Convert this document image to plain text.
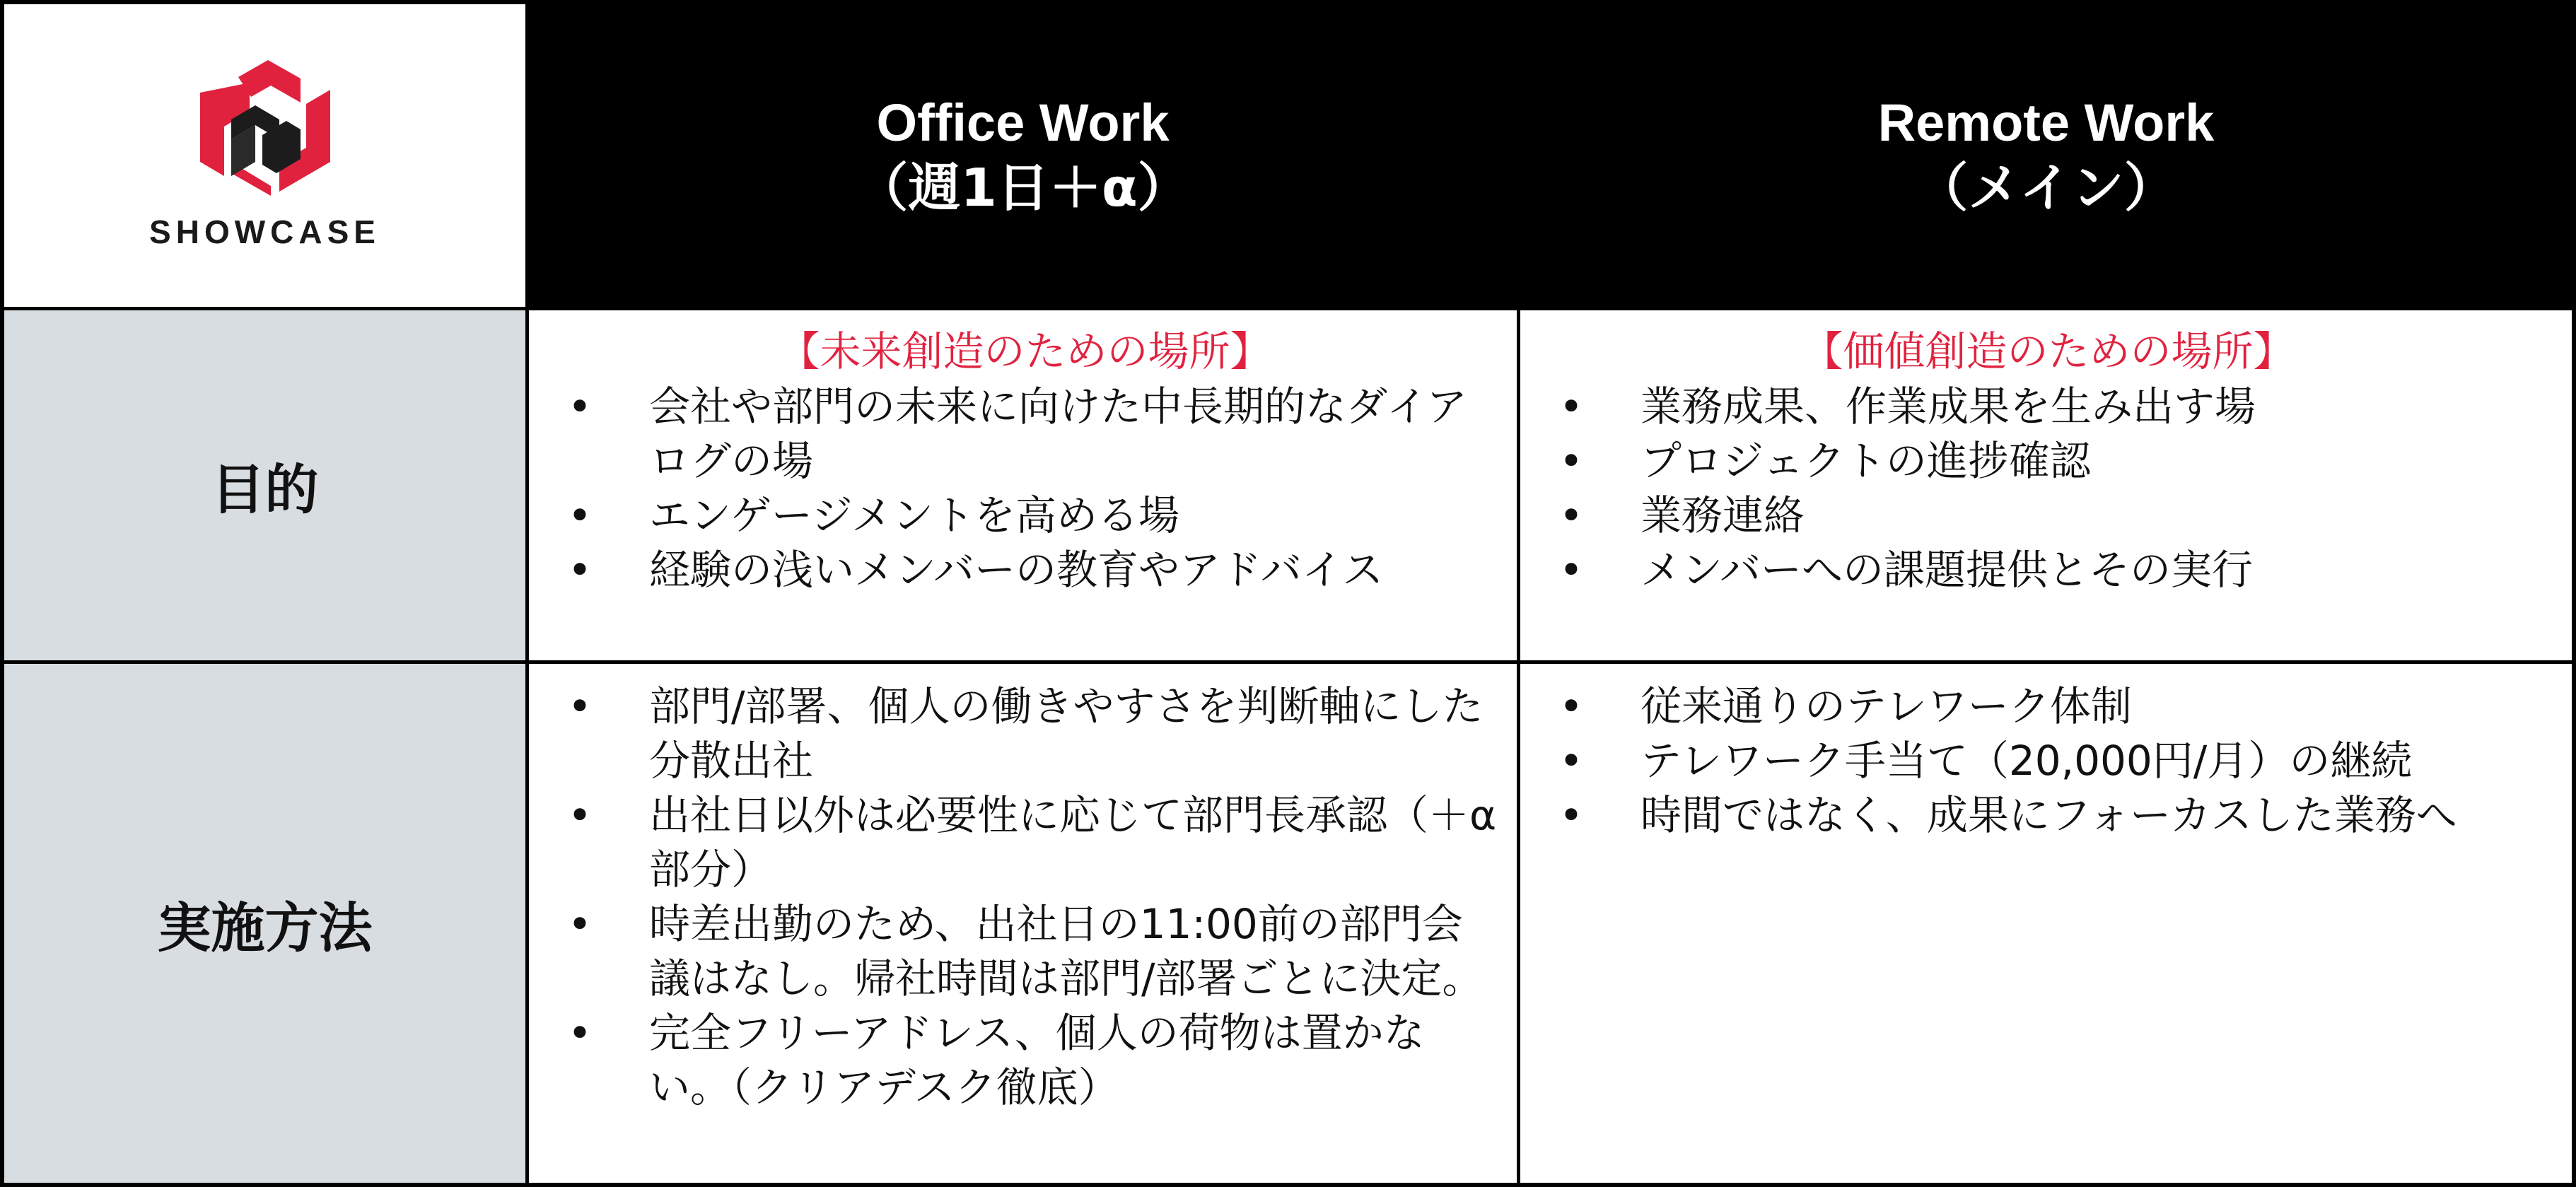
SHOWCASE
Office Work
（週1日＋α）
Remote Work
（メイン）
目的
【未来創造のための場所】
• 会社や部門の未来に向けた中長期的なダイアログの場
• エンゲージメントを高める場
• 経験の浅いメンバーの教育やアドバイス
【価値創造のための場所】
• 業務成果、作業成果を生み出す場
• プロジェクトの進捗確認
• 業務連絡
• メンバーへの課題提供とその実行
実施方法
• 部門/部署、個人の働きやすさを判断軸にした分散出社
• 出社日以外は必要性に応じて部門長承認（＋α部分）
• 時差出勤のため、出社日の11:00前の部門会議はなし。帰社時間は部門/部署ごとに決定。
• 完全フリーアドレス、個人の荷物は置かない。（クリアデスク徹底）
• 従来通りのテレワーク体制
• テレワーク手当て（20,000円/月）の継続
• 時間ではなく、成果にフォーカスした業務へ
